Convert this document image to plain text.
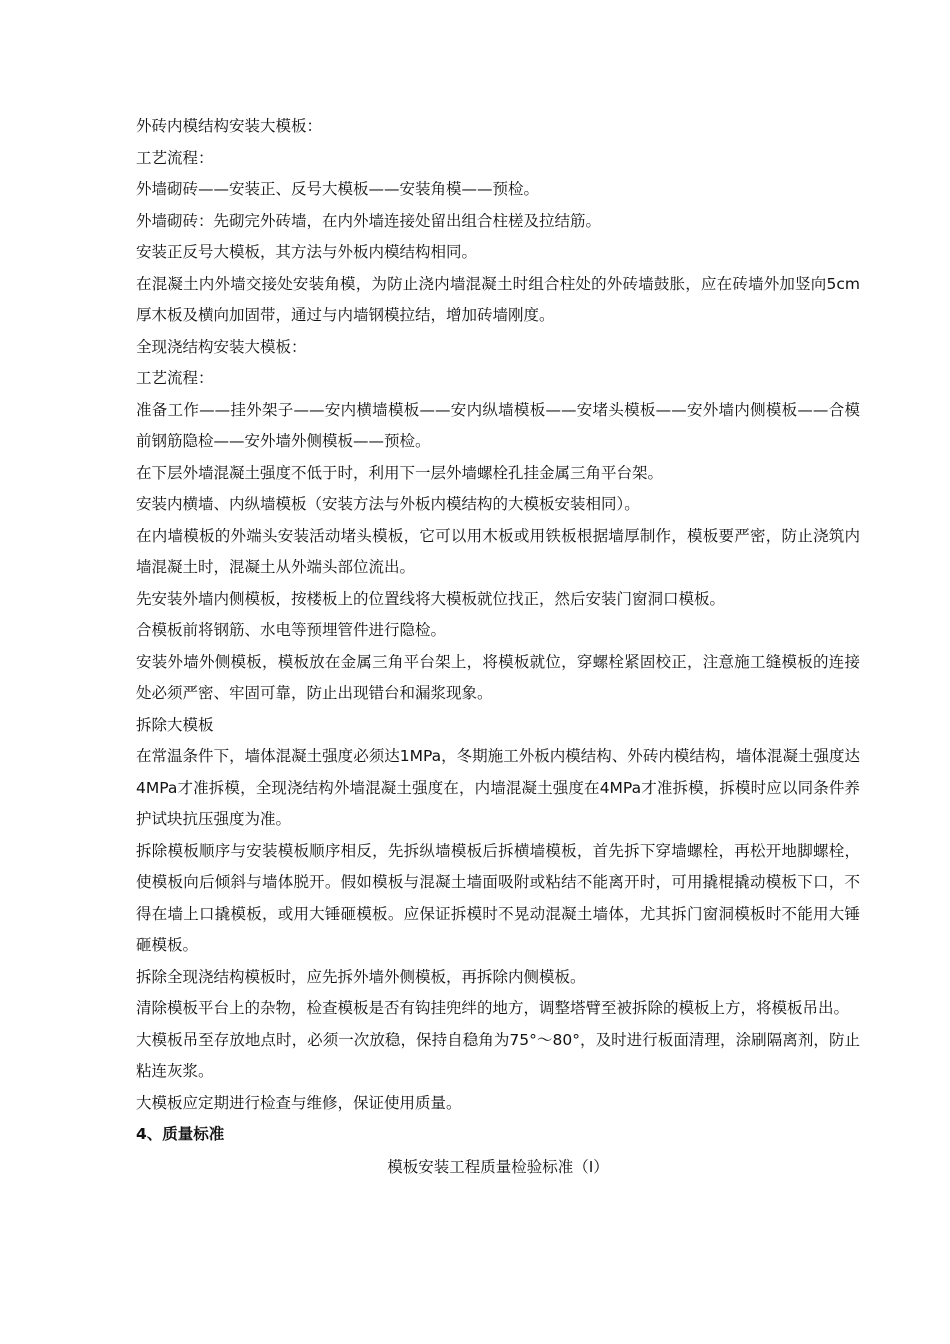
外砖内模结构安装大模板：

工艺流程：

外墙砌砖——安装正、反号大模板——安装角模——预检。

外墙砌砖：先砌完外砖墙，在内外墙连接处留出组合柱槎及拉结筋。

安装正反号大模板，其方法与外板内模结构相同。

在混凝土内外墙交接处安装角模，为防止浇内墙混凝土时组合柱处的外砖墙鼓胀，应在砖墙外加竖向5cm厚木板及横向加固带，通过与内墙钢模拉结，增加砖墙刚度。

全现浇结构安装大模板：

工艺流程：

准备工作——挂外架子——安内横墙模板——安内纵墙模板——安堵头模板——安外墙内侧模板——合模前钢筋隐检——安外墙外侧模板——预检。

在下层外墙混凝土强度不低于时，利用下一层外墙螺栓孔挂金属三角平台架。

安装内横墙、内纵墙模板（安装方法与外板内模结构的大模板安装相同）。

在内墙模板的外端头安装活动堵头模板，它可以用木板或用铁板根据墙厚制作，模板要严密，防止浇筑内墙混凝土时，混凝土从外端头部位流出。

先安装外墙内侧模板，按楼板上的位置线将大模板就位找正，然后安装门窗洞口模板。

合模板前将钢筋、水电等预埋管件进行隐检。

安装外墙外侧模板，模板放在金属三角平台架上，将模板就位，穿螺栓紧固校正，注意施工缝模板的连接处必须严密、牢固可靠，防止出现错台和漏浆现象。

拆除大模板

在常温条件下，墙体混凝土强度必须达1MPa，冬期施工外板内模结构、外砖内模结构，墙体混凝土强度达4MPa才准拆模，全现浇结构外墙混凝土强度在，内墙混凝土强度在4MPa才准拆模，拆模时应以同条件养护试块抗压强度为准。

拆除模板顺序与安装模板顺序相反，先拆纵墙模板后拆横墙模板，首先拆下穿墙螺栓，再松开地脚螺栓，使模板向后倾斜与墙体脱开。假如模板与混凝土墙面吸附或粘结不能离开时，可用撬棍撬动模板下口，不得在墙上口撬模板，或用大锤砸模板。应保证拆模时不晃动混凝土墙体，尤其拆门窗洞模板时不能用大锤砸模板。

拆除全现浇结构模板时，应先拆外墙外侧模板，再拆除内侧模板。

清除模板平台上的杂物，检查模板是否有钩挂兜绊的地方，调整塔臂至被拆除的模板上方，将模板吊出。

大模板吊至存放地点时，必须一次放稳，保持自稳角为75°～80°，及时进行板面清理，涂刷隔离剂，防止粘连灰浆。

大模板应定期进行检查与维修，保证使用质量。

4、质量标准

模板安装工程质量检验标准（I）
